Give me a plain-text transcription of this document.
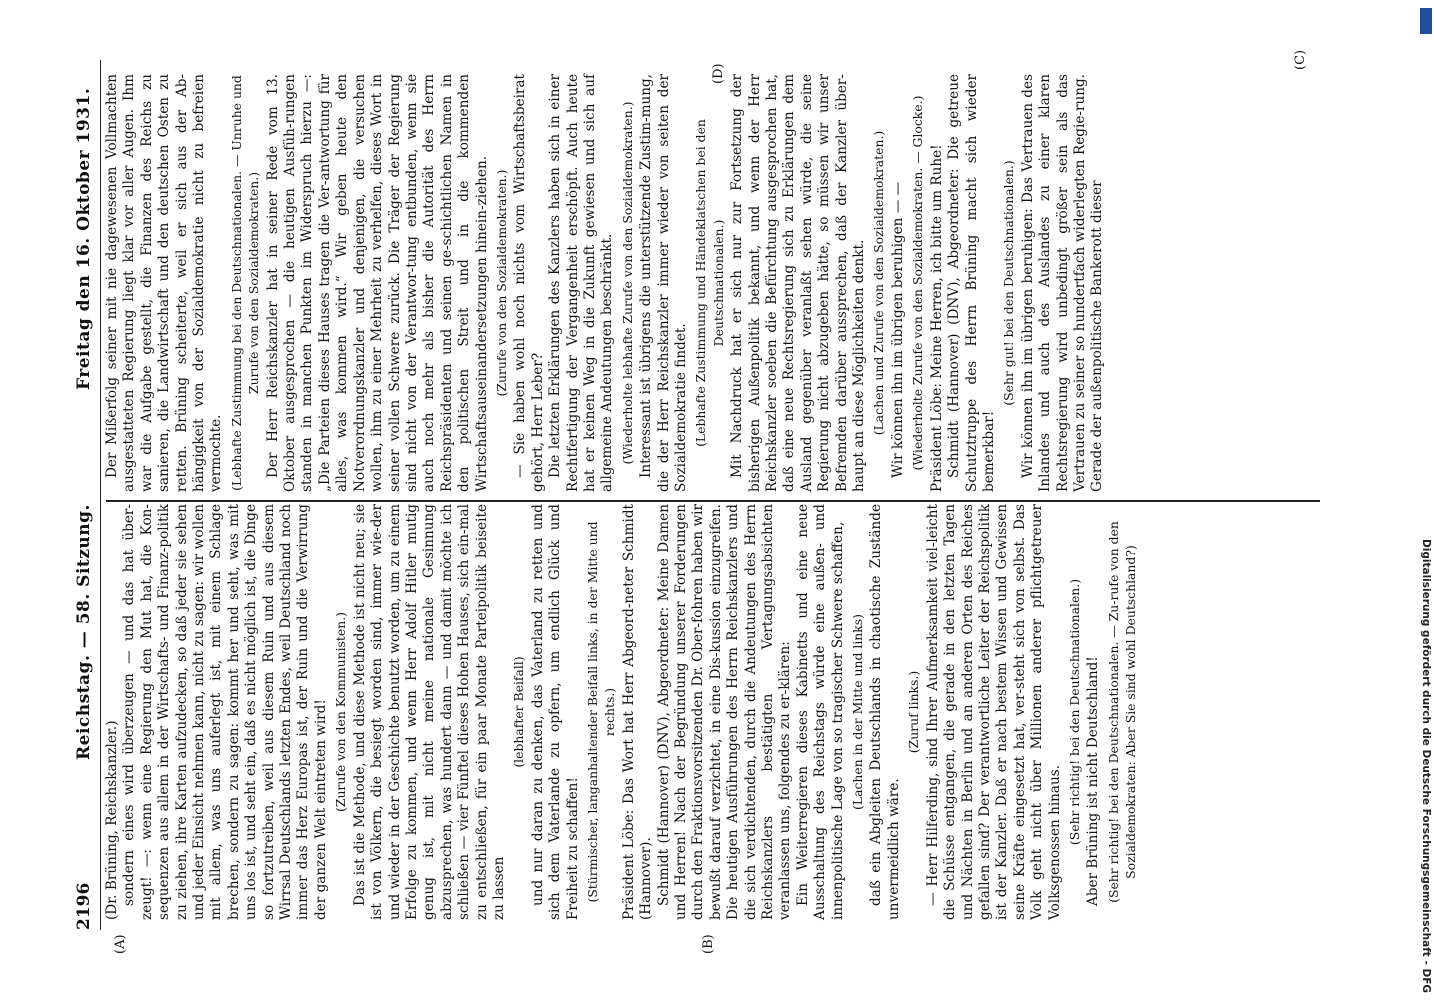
2196
Reichstag. — 58. Sitzung.
Freitag den 16. Oktober 1931.
(A)	(B)
(C)
(D)

(Dr. Brüning, Reichskanzler.) sondern eines wird überzeugen — und das hat über-zeugt! —: wenn eine Regierung den Mut hat, die Kon-sequenzen aus allem in der Wirtschafts- und Finanz-politik zu ziehen, ihre Karten aufzudecken, so daß jeder sie sehen und jeder Einsicht nehmen kann, nicht zu sagen: wir wollen mit allem, was uns auferlegt ist, mit einem Schlage brechen, sondern zu sagen: kommt her und seht, was mit uns los ist, und seht ein, daß es nicht möglich ist, die Dinge so fortzutreiben, weil aus diesem Ruin und aus diesem Wirrsal Deutschlands letzten Endes, weil Deutschland noch immer das Herz Europas ist, der Ruin und die Verwirrung der ganzen Welt eintreten wird! (Zurufe von den Kommunisten.) Das ist die Methode, und diese Methode ist nicht neu; sie ist von Völkern, die besiegt worden sind, immer wie-der und wieder in der Geschichte benutzt worden, um zu einem Erfolge zu kommen, und wenn Herr Adolf Hitler mutig genug ist, mit nicht meine nationale Gesinnung abzusprechen, was hundert dann — und damit möchte ich schließen — vier Fünftel dieses Hohen Hauses, sich ein-mal zu entschließen, für ein paar Monate Parteipolitik beiseite zu lassen

(lebhafter Beifall) und nur daran zu denken, das Vaterland zu retten und sich dem Vaterlande zu opfern, um endlich Glück und Freiheit zu schaffen! (Stürmischer, langanhaltender Beifall links, in der Mitte und rechts.) Präsident Löbe: Das Wort hat Herr Abgeord-neter Schmidt (Hannover). Schmidt (Hannover) (DNV), Abgeordneter: Meine Damen und Herren! Nach der Begründung unserer Forderungen durch den Fraktionsvorsitzenden Dr. Ober-fohren haben wir bewußt darauf verzichtet, in eine Dis-kussion einzugreifen. Die heutigen Ausführungen des Herrn Reichskanzlers und die sich verdichtenden, durch die Andeutungen des Herrn Reichskanzlers bestätigten Vertagungsabsichten veranlassen uns, folgendes zu er-klären: Ein Weiterregieren dieses Kabinetts und eine neue Ausschaltung des Reichstags würde eine außen- und innenpolitische Lage von so tragischer Schwere schaffen, (Lachen in der Mitte und links) daß ein Abgleiten Deutschlands in chaotische Zustände unvermeidlich wäre.

(Zuruf links.) — Herr Hilferding, sind Ihrer Aufmerksamkeit viel-leicht die Schüsse entgangen, die gerade in den letzten Tagen und Nächten in Berlin und an anderen Orten des Reiches gefallen sind? Der verantwortliche Leiter der Reichspolitik ist der Kanzler. Daß er nach bestem Wissen und Gewissen seine Kräfte eingesetzt hat, ver-steht sich von selbst. Das Volk geht nicht über Millionen anderer pflichtgetreuer Volksgenossen hinaus. (Sehr richtig! bei den Deutschnationalen.) Aber Brüning ist nicht Deutschland! (Sehr richtig! bei den Deutschnationalen. — Zu-rufe von den Sozialdemokraten: Aber Sie sind wohl Deutschland?)

Der Mißerfolg seiner mit nie dagewesenen Vollmachten ausgestatteten Regierung liegt klar vor aller Augen. Ihm war die Aufgabe gestellt, die Finanzen des Reichs zu sanieren, die Landwirtschaft und den deutschen Osten zu retten. Brüning scheiterte, weil er sich aus der Ab-hängigkeit von der Sozialdemokratie nicht zu befreien vermochte. (Lebhafte Zustimmung bei den Deutschnationalen. — Unruhe und Zurufe von den Sozialdemokraten.) Der Herr Reichskanzler hat in seiner Rede vom 13. Oktober ausgesprochen — die heutigen Ausfüh-rungen standen in manchen Punkten im Widerspruch hierzu —: „Die Parteien dieses Hauses tragen die Ver-antwortung für alles, was kommen wird.“ Wir geben heute den Notverordnungskanzler und denjenigen, die versuchen wollen, ihm zu einer Mehrheit zu verhelfen, dieses Wort in seiner vollen Schwere zurück. Die Träger der Regierung sind nicht von der Verantwor-tung entbunden, wenn sie auch noch mehr als bisher die Autorität des Herrn Reichspräsidenten und seinen ge-schichtlichen Namen in den politischen Streit und in die kommenden Wirtschaftsauseinandersetzungen hinein-ziehen. (Zurufe von den Sozialdemokraten.) — Sie haben wohl noch nichts vom Wirtschaftsbeirat gehört, Herr Leber? Die letzten Erklärungen des Kanzlers haben sich in einer Rechtfertigung der Vergangenheit erschöpft. Auch heute hat er keinen Weg in die Zukunft gewiesen und sich auf allgemeine Andeutungen beschränkt. (Wiederholte lebhafte Zurufe von den Sozialdemokraten.) Interessant ist übrigens die unterstützende Zustim-mung, die der Herr Reichskanzler immer wieder von seiten der Sozialdemokratie findet. (Lebhafte Zustimmung und Händeklatschen bei den Deutschnationalen.) Mit Nachdruck hat er sich nur zur Fortsetzung der bisherigen Außenpolitik bekannt, und wenn der Herr Reichskanzler soeben die Befürchtung ausgesprochen hat, daß eine neue Rechtsregierung sich zu Erklärungen dem Ausland gegenüber veranlaßt sehen würde, die seine Regierung nicht abzugeben hätte, so müssen wir unser Befremden darüber aussprechen, daß der Kanzler über-haupt an diese Möglichkeiten denkt. (Lachen und Zurufe von den Sozialdemokraten.) Wir können ihn im übrigen beruhigen — — (Wiederholte Zurufe von den Sozialdemokraten. — Glocke.) Präsident Löbe: Meine Herren, ich bitte um Ruhe! Schmidt (Hannover) (DNV), Abgeordneter: Die getreue Schutztruppe des Herrn Brüning macht sich wieder bemerkbar!

(Sehr gut! bei den Deutschnationalen.) Wir können ihn im übrigen beruhigen: Das Vertrauen des Inlandes und auch des Auslandes zu einer klaren Rechtsregierung wird unbedingt größer sein als das Vertrauen zu seiner so hundertfach widerlegten Regie-rung. Gerade der außenpolitische Bankerott dieser

Digitalisierung gefördert durch die Deutsche Forschungsgemeinschaft - DFG
